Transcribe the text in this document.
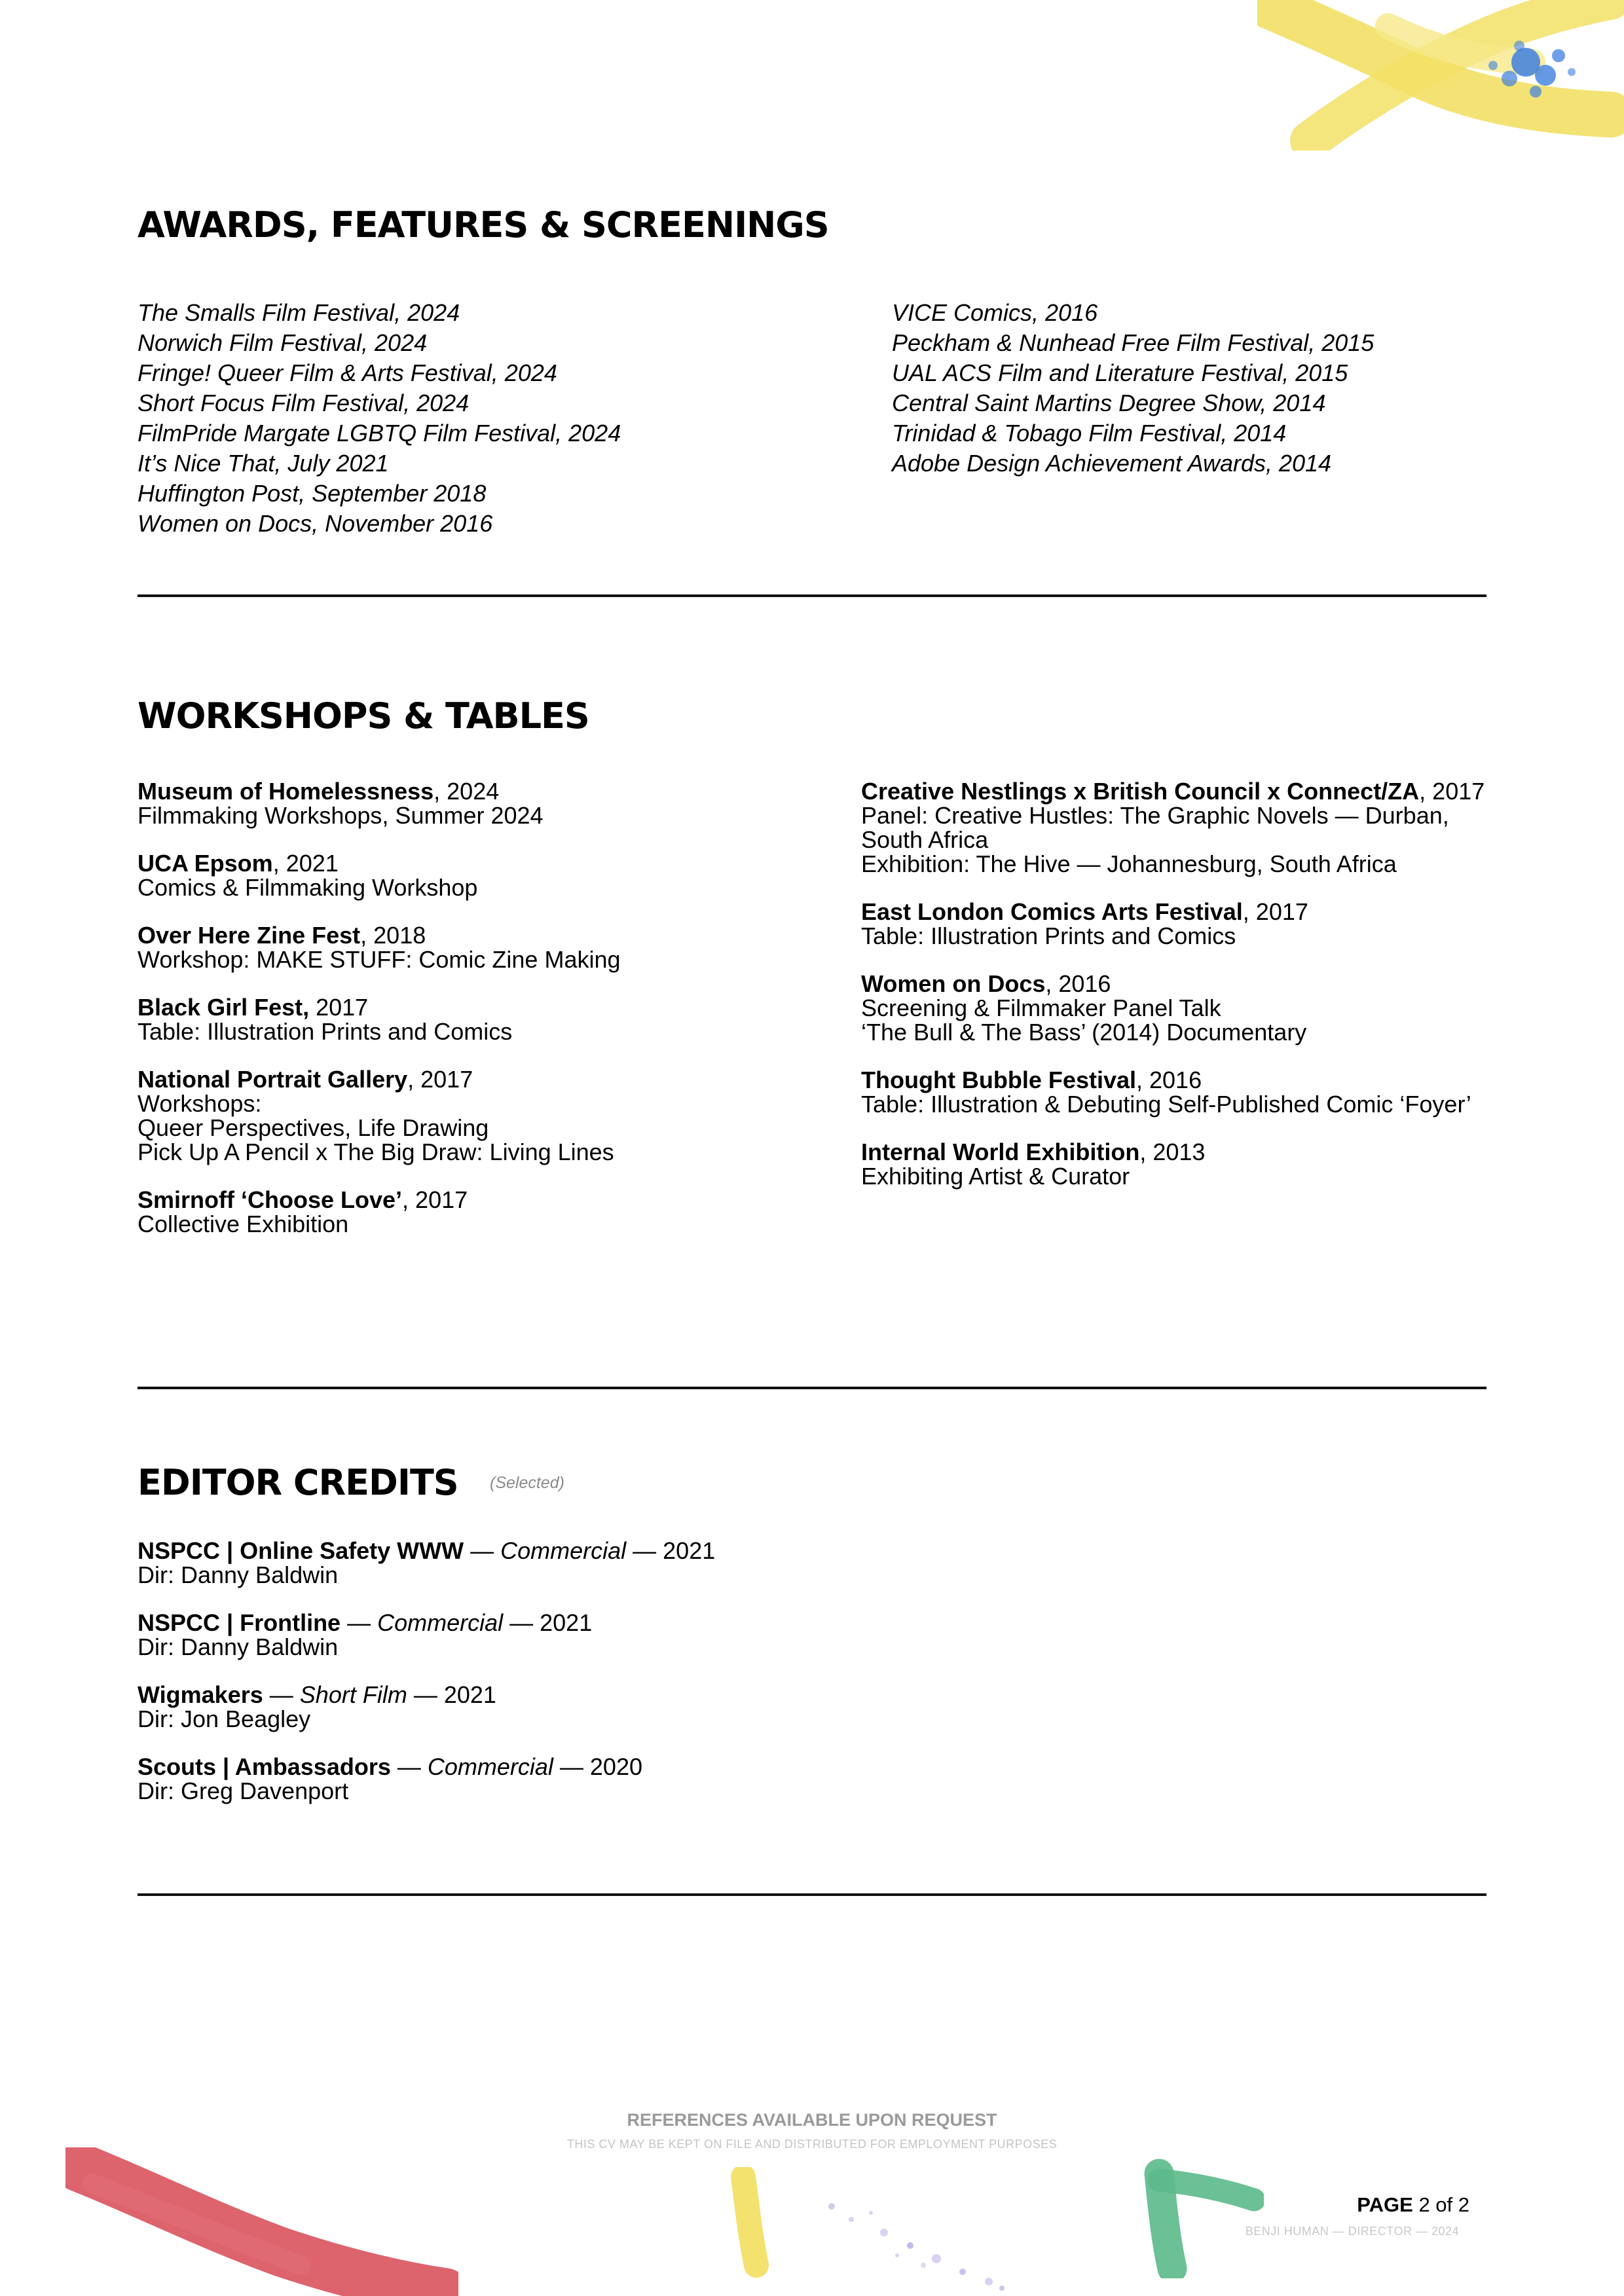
AWARDS, FEATURES & SCREENINGS
The Smalls Film Festival, 2024
Norwich Film Festival, 2024
Fringe! Queer Film & Arts Festival, 2024
Short Focus Film Festival, 2024
FilmPride Margate LGBTQ Film Festival, 2024
It’s Nice That, July 2021
Huffington Post, September 2018
Women on Docs, November 2016
VICE Comics, 2016
Peckham & Nunhead Free Film Festival, 2015
UAL ACS Film and Literature Festival, 2015
Central Saint Martins Degree Show, 2014
Trinidad & Tobago Film Festival, 2014
Adobe Design Achievement Awards, 2014
WORKSHOPS & TABLES
Museum of Homelessness, 2024
Filmmaking Workshops, Summer 2024
UCA Epsom, 2021
Comics & Filmmaking Workshop
Over Here Zine Fest, 2018
Workshop: MAKE STUFF: Comic Zine Making
Black Girl Fest, 2017
Table: Illustration Prints and Comics
National Portrait Gallery, 2017
Workshops:
Queer Perspectives, Life Drawing
Pick Up A Pencil x The Big Draw: Living Lines
Smirnoff ‘Choose Love’, 2017
Collective Exhibition
Creative Nestlings x British Council x Connect/ZA, 2017
Panel: Creative Hustles: The Graphic Novels — Durban,
South Africa
Exhibition: The Hive — Johannesburg, South Africa
East London Comics Arts Festival, 2017
Table: Illustration Prints and Comics
Women on Docs, 2016
Screening & Filmmaker Panel Talk
‘The Bull & The Bass’ (2014) Documentary
Thought Bubble Festival, 2016
Table: Illustration & Debuting Self-Published Comic ‘Foyer’
Internal World Exhibition, 2013
Exhibiting Artist & Curator
EDITOR CREDITS (Selected)
NSPCC | Online Safety WWW — Commercial — 2021
Dir: Danny Baldwin
NSPCC | Frontline — Commercial — 2021
Dir: Danny Baldwin
Wigmakers — Short Film — 2021
Dir: Jon Beagley
Scouts | Ambassadors — Commercial — 2020
Dir: Greg Davenport
REFERENCES AVAILABLE UPON REQUEST
THIS CV MAY BE KEPT ON FILE AND DISTRIBUTED FOR EMPLOYMENT PURPOSES
PAGE 2 of 2
BENJI HUMAN — DIRECTOR — 2024
